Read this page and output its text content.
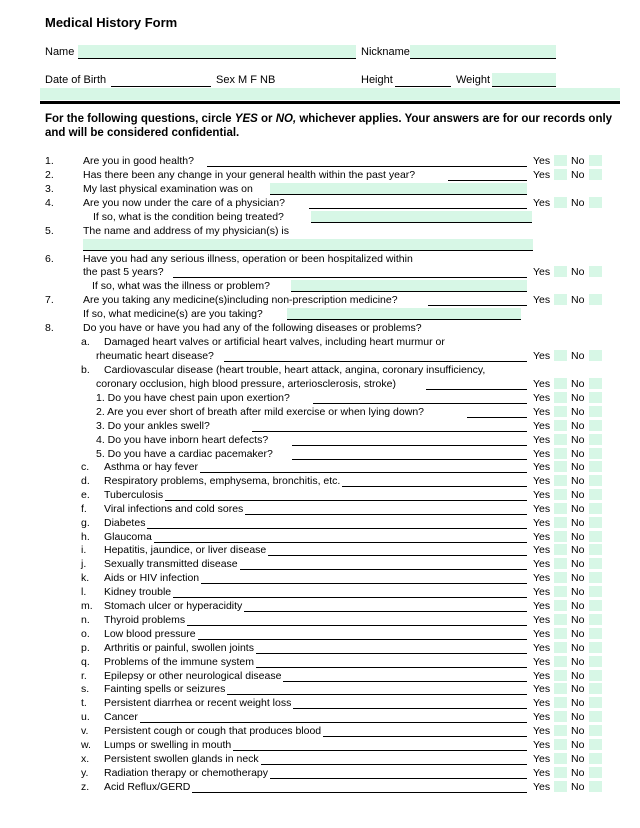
Medical History Form
Name	Nickname
Date of Birth	Sex M F NB	Height	Weight
For the following questions, circle YES or NO, whichever applies. Your answers are for our records only and will be considered confidential.
1.	Are you in good health?	Yes No
2.	Has there been any change in your general health within the past year?	Yes No
3.	My last physical examination was on
4.	Are you now under the care of a physician?	Yes No
If so, what is the condition being treated?
5.	The name and address of my physician(s) is
6.	Have you had any serious illness, operation or been hospitalized within
the past 5 years?	Yes No
If so, what was the illness or problem?
7.	Are you taking any medicine(s)including non-prescription medicine?	Yes No
If so, what medicine(s) are you taking?
8.	Do you have or have you had any of the following diseases or problems?
a. Damaged heart valves or artificial heart valves, including heart murmur or
rheumatic heart disease?	Yes No
b. Cardiovascular disease (heart trouble, heart attack, angina, coronary insufficiency,
coronary occlusion, high blood pressure, arteriosclerosis, stroke)	Yes No
1. Do you have chest pain upon exertion?	Yes No
2. Are you ever short of breath after mild exercise or when lying down?	Yes No
3. Do your ankles swell?	Yes No
4. Do you have inborn heart defects?	Yes No
5. Do you have a cardiac pacemaker?	Yes No
c. Asthma or hay fever	Yes No
d. Respiratory problems, emphysema, bronchitis, etc.	Yes No
e. Tuberculosis	Yes No
f. Viral infections and cold sores	Yes No
g. Diabetes	Yes No
h. Glaucoma	Yes No
i. Hepatitis, jaundice, or liver disease	Yes No
j. Sexually transmitted disease	Yes No
k. Aids or HIV infection	Yes No
l. Kidney trouble	Yes No
m. Stomach ulcer or hyperacidity	Yes No
n. Thyroid problems	Yes No
o. Low blood pressure	Yes No
p. Arthritis or painful, swollen joints	Yes No
q. Problems of the immune system	Yes No
r. Epilepsy or other neurological disease	Yes No
s. Fainting spells or seizures	Yes No
t. Persistent diarrhea or recent weight loss	Yes No
u. Cancer	Yes No
v. Persistent cough or cough that produces blood	Yes No
w. Lumps or swelling in mouth	Yes No
x. Persistent swollen glands in neck	Yes No
y. Radiation therapy or chemotherapy	Yes No
z. Acid Reflux/GERD	Yes No
